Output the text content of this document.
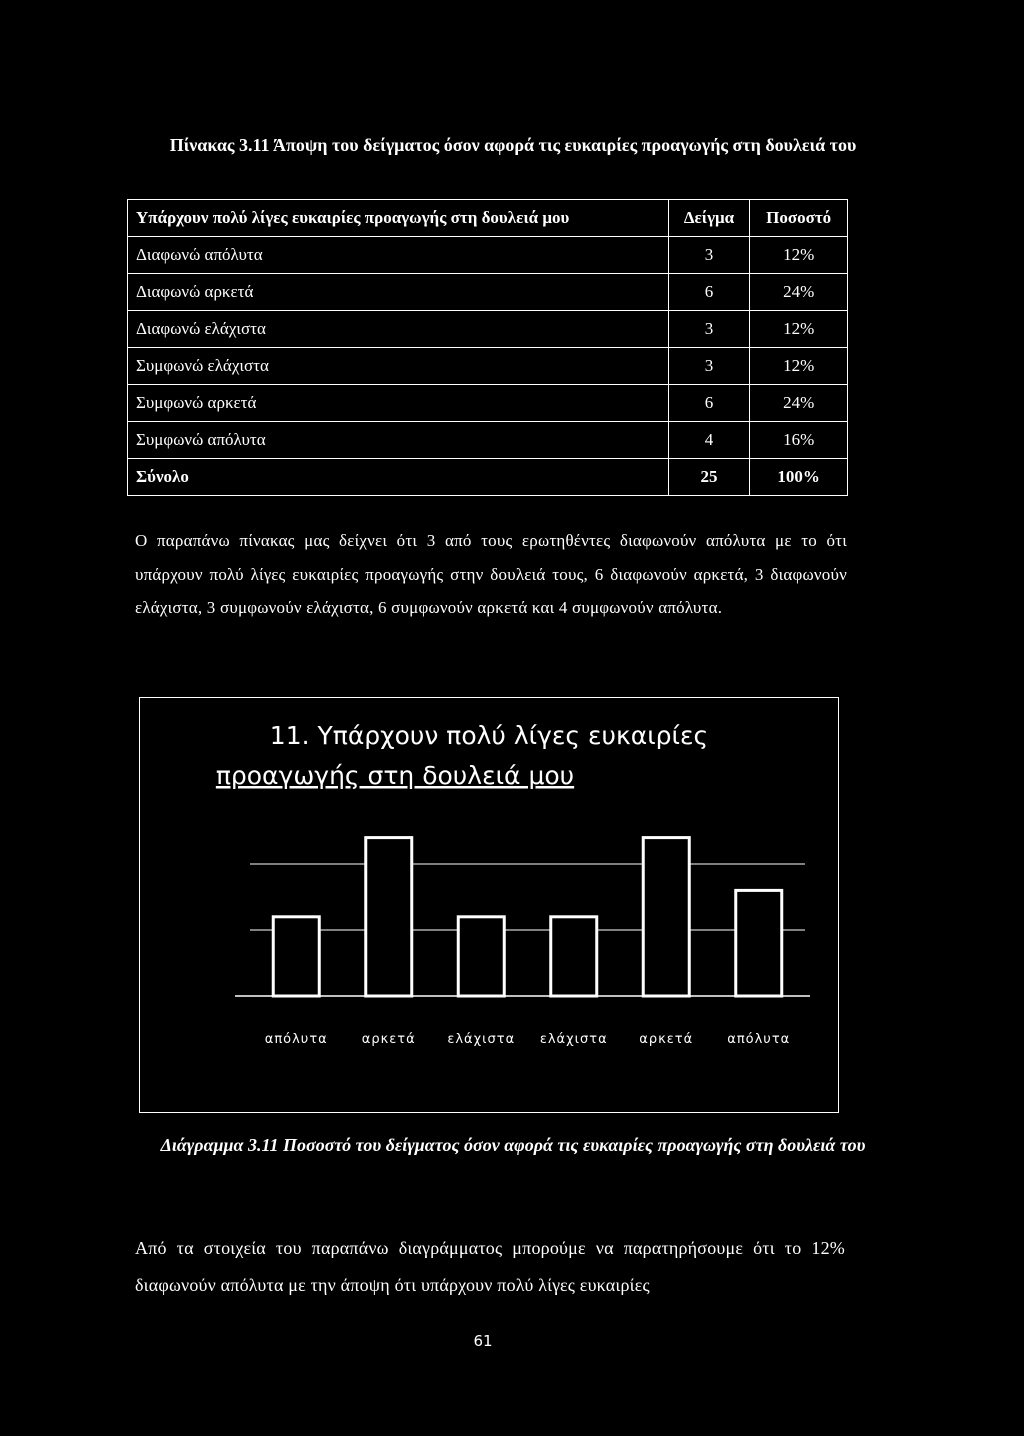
Πίνακας 3.11 Άποψη του δείγματος όσον αφορά τις ευκαιρίες προαγωγής στη δουλειά του
Υπάρχουν πολύ λίγες ευκαιρίες προαγωγής στη δουλειά μου	Δείγμα	Ποσοστό
Διαφωνώ απόλυτα	3	12%
Διαφωνώ αρκετά	6	24%
Διαφωνώ ελάχιστα	3	12%
Συμφωνώ ελάχιστα	3	12%
Συμφωνώ αρκετά	6	24%
Συμφωνώ απόλυτα	4	16%
Σύνολο	25	100%
Ο παραπάνω πίνακας μας δείχνει ότι 3 από τους ερωτηθέντες διαφωνούν απόλυτα με το ότι υπάρχουν πολύ λίγες ευκαιρίες προαγωγής στην δουλειά τους, 6 διαφωνούν αρκετά, 3 διαφωνούν ελάχιστα, 3 συμφωνούν ελάχιστα, 6 συμφωνούν αρκετά και 4 συμφωνούν απόλυτα.
11. Υπάρχουν πολύ λίγες ευκαιρίες
προαγωγής στη δουλειά μου
απόλυτα	αρκετά ελάχιστα ελάχιστα αρκετά	απόλυτα
Διάγραμμα 3.11 Ποσοστό του δείγματος όσον αφορά τις ευκαιρίες προαγωγής στη δουλειά του
Από τα στοιχεία του παραπάνω διαγράμματος μπορούμε να παρατηρήσουμε ότι το 12% διαφωνούν απόλυτα με την άποψη ότι υπάρχουν πολύ λίγες ευκαιρίες
61
